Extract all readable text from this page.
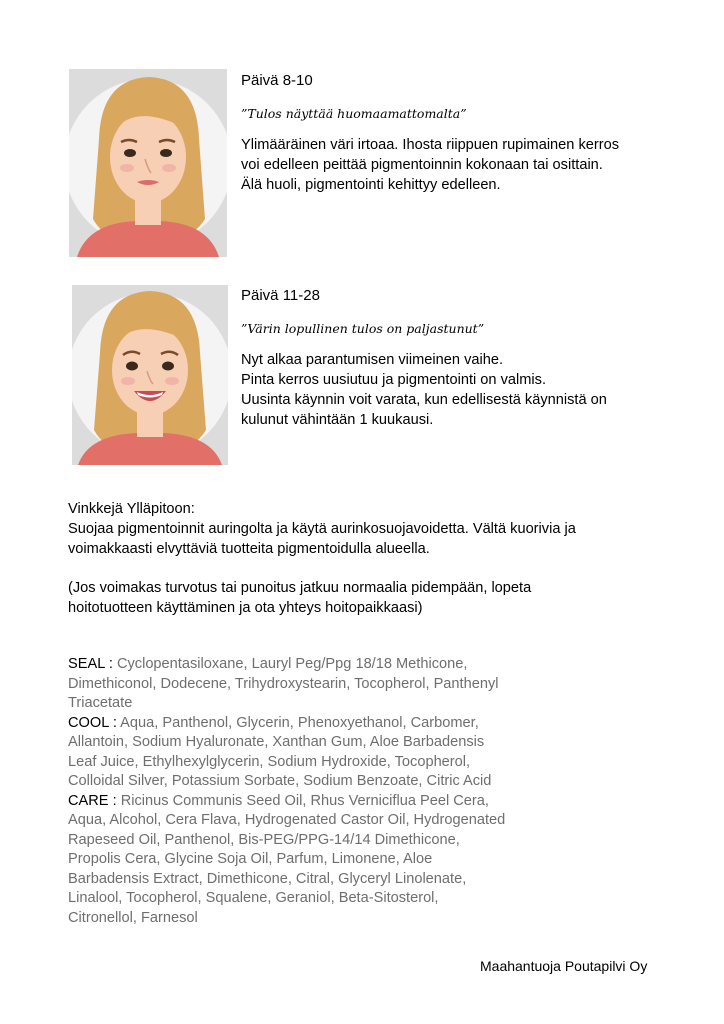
Päivä 8-10

”Tulos näyttää huomaamattomalta”

Ylimääräinen väri irtoaa. Ihosta riippuen rupimainen kerros
voi edelleen peittää pigmentoinnin kokonaan tai osittain.
Älä huoli, pigmentointi kehittyy edelleen.

Päivä 11-28

”Värin lopullinen tulos on paljastunut”

Nyt alkaa parantumisen viimeinen vaihe.
Pinta kerros uusiutuu ja pigmentointi on valmis.
Uusinta käynnin voit varata, kun edellisestä käynnistä on
kulunut vähintään 1 kuukausi.

Vinkkejä Ylläpitoon:
Suojaa pigmentoinnit auringolta ja käytä aurinkosuojavoidetta. Vältä kuorivia ja
voimakkaasti elvyttäviä tuotteita pigmentoidulla alueella.
(Jos voimakas turvotus tai punoitus jatkuu normaalia pidempään, lopeta
hoitotuotteen käyttäminen ja ota yhteys hoitopaikkaasi)
SEAL : Cyclopentasiloxane, Lauryl Peg/Ppg 18/18 Methicone,
Dimethiconol, Dodecene, Trihydroxystearin, Tocopherol, Panthenyl
Triacetate
COOL : Aqua, Panthenol, Glycerin, Phenoxyethanol, Carbomer,
Allantoin, Sodium Hyaluronate, Xanthan Gum, Aloe Barbadensis
Leaf Juice, Ethylhexylglycerin, Sodium Hydroxide, Tocopherol,
Colloidal Silver, Potassium Sorbate, Sodium Benzoate, Citric Acid
CARE : Ricinus Communis Seed Oil, Rhus Verniciflua Peel Cera,
Aqua, Alcohol, Cera Flava, Hydrogenated Castor Oil, Hydrogenated
Rapeseed Oil, Panthenol, Bis-PEG/PPG-14/14 Dimethicone,
Propolis Cera, Glycine Soja Oil, Parfum, Limonene, Aloe
Barbadensis Extract, Dimethicone, Citral, Glyceryl Linolenate,
Linalool, Tocopherol, Squalene, Geraniol, Beta-Sitosterol,
Citronellol, Farnesol
Maahantuoja Poutapilvi Oy
